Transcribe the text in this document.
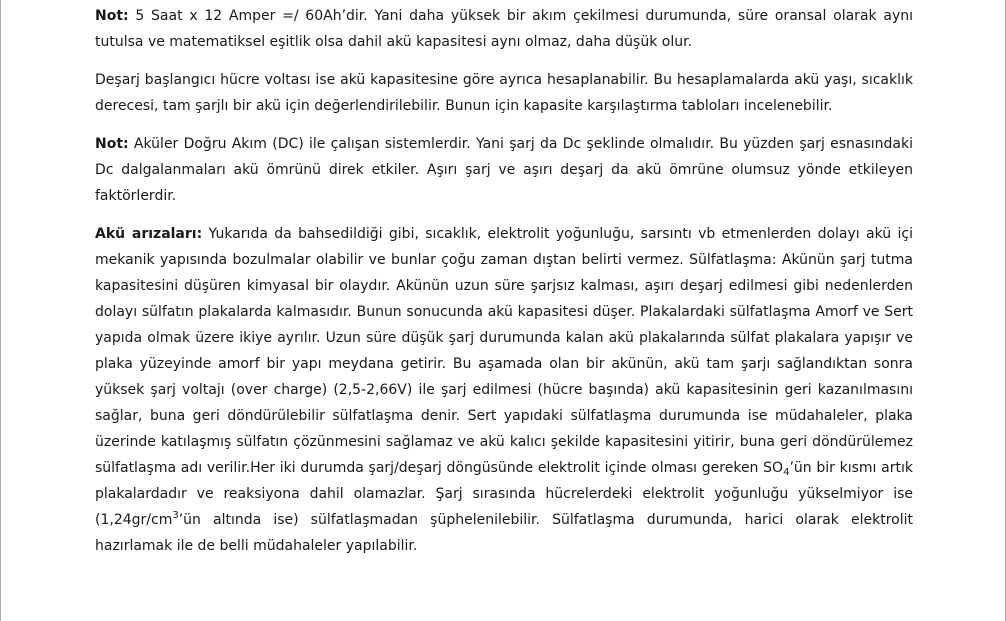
Not: 5 Saat x 12 Amper =/ 60Ah’dir. Yani daha yüksek bir akım çekilmesi durumunda, süre oransal olarak aynı tutulsa ve matematiksel eşitlik olsa dahil akü kapasitesi aynı olmaz, daha düşük olur.

Deşarj başlangıcı hücre voltası ise akü kapasitesine göre ayrıca hesaplanabilir. Bu hesaplamalarda akü yaşı, sıcaklık derecesi, tam şarjlı bir akü için değerlendirilebilir. Bunun için kapasite karşılaştırma tabloları incelenebilir.

Not: Aküler Doğru Akım (DC) ile çalışan sistemlerdir. Yani şarj da Dc şeklinde olmalıdır. Bu yüzden şarj esnasındaki Dc dalgalanmaları akü ömrünü direk etkiler. Aşırı şarj ve aşırı deşarj da akü ömrüne olumsuz yönde etkileyen faktörlerdir.

Akü arızaları: Yukarıda da bahsedildiği gibi, sıcaklık, elektrolit yoğunluğu, sarsıntı vb etmenlerden dolayı akü içi mekanik yapısında bozulmalar olabilir ve bunlar çoğu zaman dıştan belirti vermez. Sülfatlaşma: Akünün şarj tutma kapasitesini düşüren kimyasal bir olaydır. Akünün uzun süre şarjsız kalması, aşırı deşarj edilmesi gibi nedenlerden dolayı sülfatın plakalarda kalmasıdır. Bunun sonucunda akü kapasitesi düşer. Plakalardaki sülfatlaşma Amorf ve Sert yapıda olmak üzere ikiye ayrılır. Uzun süre düşük şarj durumunda kalan akü plakalarında sülfat plakalara yapışır ve plaka yüzeyinde amorf bir yapı meydana getirir. Bu aşamada olan bir akünün, akü tam şarjı sağlandıktan sonra yüksek şarj voltajı (over charge) (2,5-2,66V) ile şarj edilmesi (hücre başında) akü kapasitesinin geri kazanılmasını sağlar, buna geri döndürülebilir sülfatlaşma denir. Sert yapıdaki sülfatlaşma durumunda ise müdahaleler, plaka üzerinde katılaşmış sülfatın çözünmesini sağlamaz ve akü kalıcı şekilde kapasitesini yitirir, buna geri döndürülemez sülfatlaşma adı verilir.Her iki durumda şarj/deşarj döngüsünde elektrolit içinde olması gereken $SO_4’ün$ bir kısmı artık plakalardadır ve reaksiyona dahil olamazlar. Şarj sırasında hücrelerdeki elektrolit yoğunluğu yükselmiyor ise ($1,24gr/cm^3’ün$ altında ise) sülfatlaşmadan şüphelenilebilir. Sülfatlaşma durumunda, harici olarak elektrolit hazırlamak ile de belli müdahaleler yapılabilir.
